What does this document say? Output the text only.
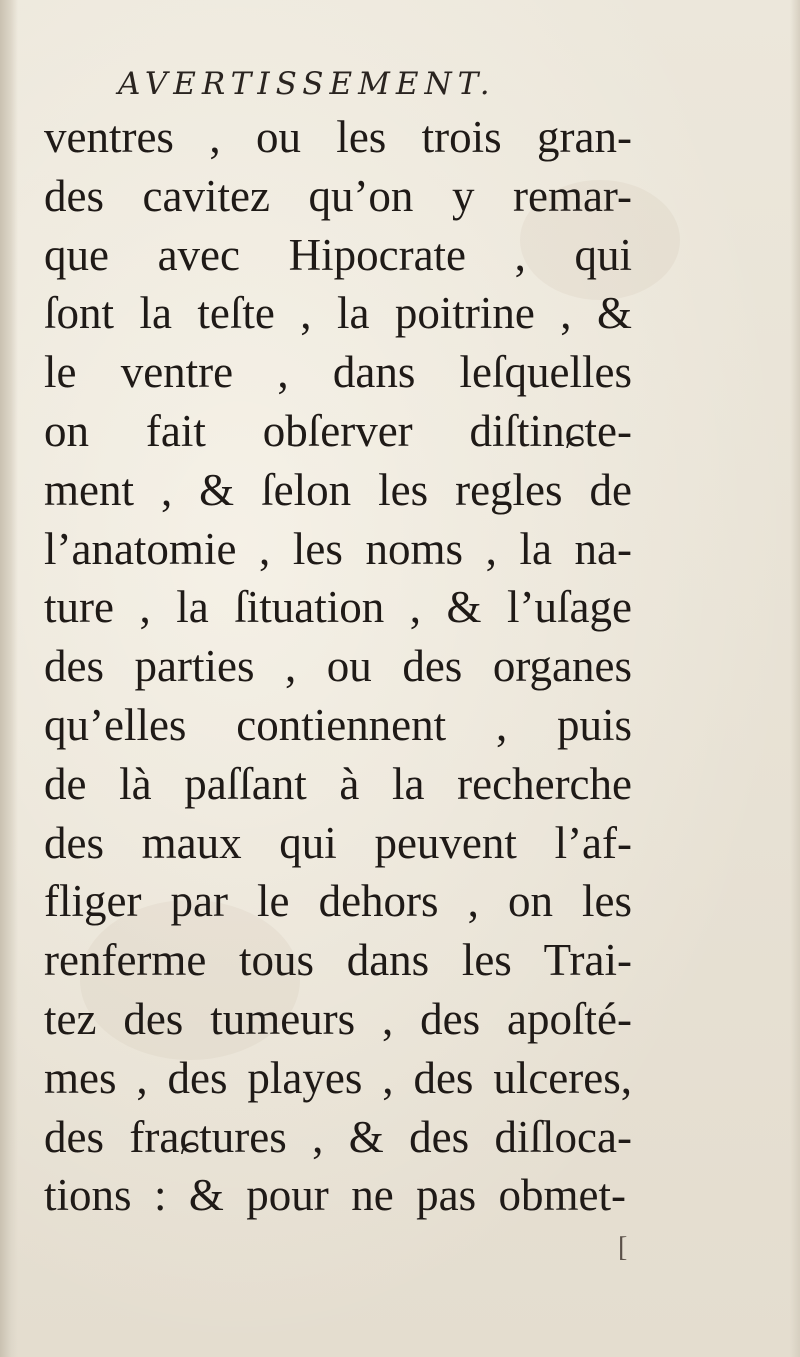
AVERTISSEMENT.
ventres , ou les trois gran-
des cavitez qu’on y remar-
que avec Hipocrate , qui
ſont la teſte , la poitrine , &
le ventre , dans leſquelles
on fait obſerver diſtinɕte-
ment , & ſelon les regles de
l’anatomie , les noms , la na-
ture , la ſituation , & l’uſage
des parties , ou des organes
qu’elles contiennent , puis
de là paſſant à la recherche
des maux qui peuvent l’af-
fliger par le dehors , on les
renferme tous dans les Trai-
tez des tumeurs , des apoſté-
mes , des playes , des ulceres,
des fraɕtures , & des diſloca-
tions : & pour ne pas obmet-
[
